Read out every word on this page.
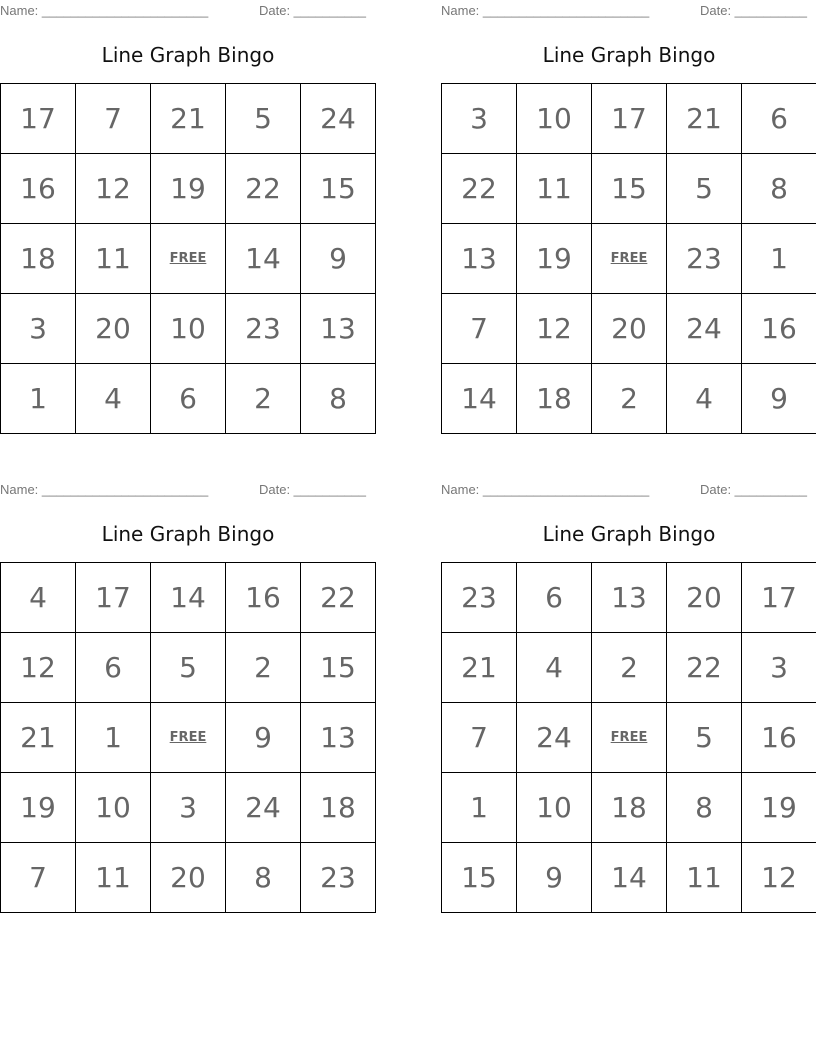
Name: _______________________	Date: __________
Line Graph Bingo
17	7	21	5	24
16	12	19	22	15
18	11	FREE	14	9
3	20	10	23	13
1	4	6	2	8
Name: _______________________	Date: __________
Line Graph Bingo
3	10	17	21	6
22	11	15	5	8
13	19	FREE	23	1
7	12	20	24	16
14	18	2	4	9
Name: _______________________	Date: __________
Line Graph Bingo
4	17	14	16	22
12	6	5	2	15
21	1	FREE	9	13
19	10	3	24	18
7	11	20	8	23
Name: _______________________	Date: __________
Line Graph Bingo
23	6	13	20	17
21	4	2	22	3
7	24	FREE	5	16
1	10	18	8	19
15	9	14	11	12
